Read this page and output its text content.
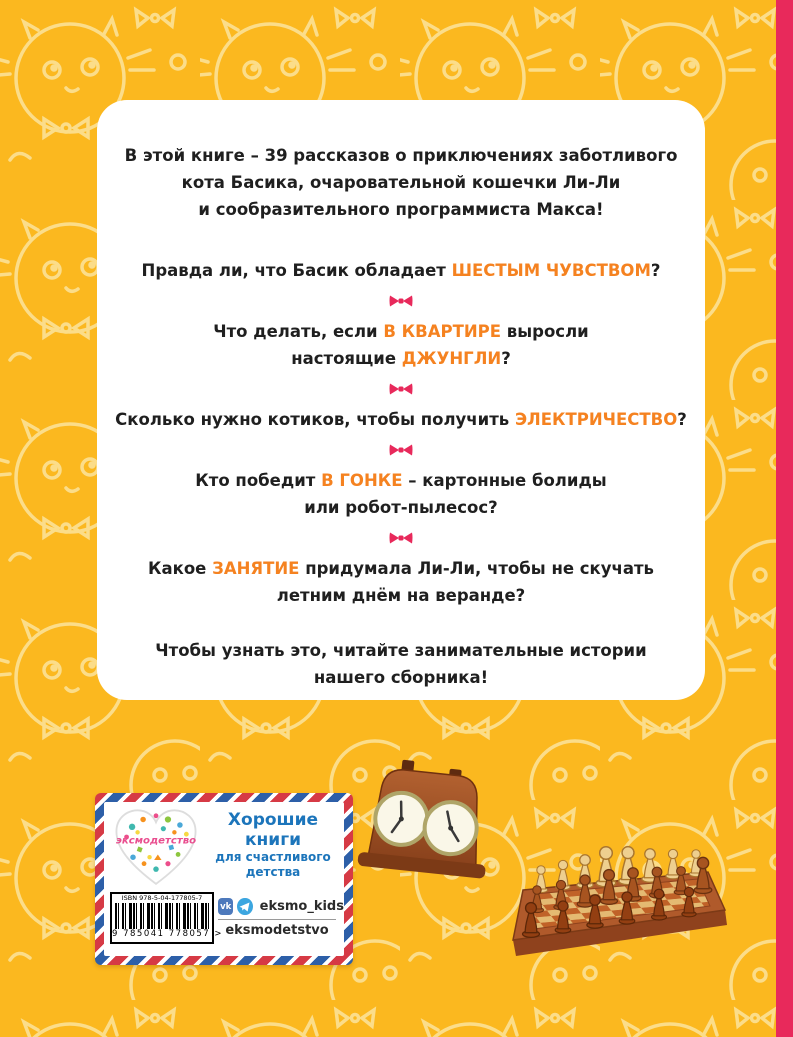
В этой книге – 39 рассказов о приключениях заботливого
кота Басика, очаровательной кошечки Ли-Ли
и сообразительного программиста Макса!
Правда ли, что Басик обладает ШЕСТЫМ ЧУВСТВОМ?
Что делать, если В КВАРТИРЕ выросли
настоящие ДЖУНГЛИ?
Сколько нужно котиков, чтобы получить ЭЛЕКТРИЧЕСТВО?
Кто победит В ГОНКЕ – картонные болиды
или робот-пылесос?
Какое ЗАНЯТИЕ придумала Ли-Ли, чтобы не скучать
летним днём на веранде?
Чтобы узнать это, читайте занимательные истории
нашего сборника!
эксмодетство
Хорошие
книги
для счастливого
детства
ISBN 978-5-04-177805-7
9 785041 778057 >
vk eksmo_kids
eksmodetstvo
